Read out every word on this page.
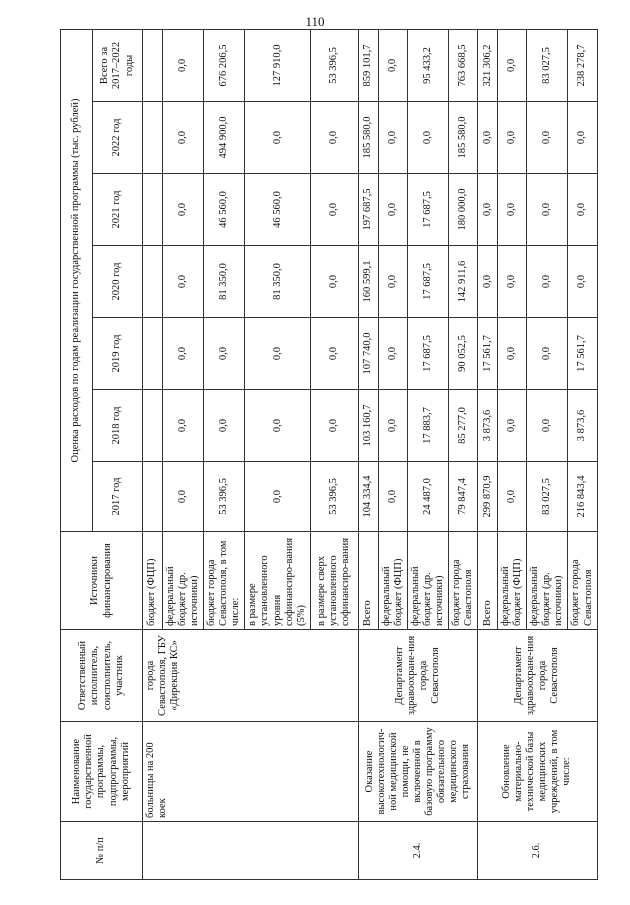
110
№ п/п	Наименование государственной программы, подпрограммы, мероприятий	Ответственный исполнитель, соисполнитель, участник	Источники финансирования	Оценка расходов по годам реализации государственной программы (тыс. рублей)						
				2017 год	2018 год	2019 год	2020 год	2021 год	2022 год	Всего за 2017–2022 годы
	больницы на 200 коек	города Севастополя, ГБУ «Дирекция КС»	бюджет (ФЦП)							
			федеральный бюджет (др. источники)	0,0	0,0	0,0	0,0	0,0	0,0	0,0
			бюджет города Севастополя, в том числе:	53 396,5	0,0	0,0	81 350,0	46 560,0	494 900,0	676 206,5
			в размере установленного уровня софинансиро-вания (5%)	0,0	0,0	0,0	81 350,0	46 560,0	0,0	127 910,0
			в размере сверх установленного софинансиро-вания	53 396,5	0,0	0,0	0,0	0,0	0,0	53 396,5
2.4.	Оказание высокотехнологич-ной медицинской помощи, не включенной в базовую программу обязательного медицинского страхования	Департамент здравоохране-ния города Севастополя	Всего	104 334,4	103 160,7	107 740,0	160 599,1	197 687,5	185 580,0	859 101,7
			федеральный бюджет (ФЦП)	0,0	0,0	0,0	0,0	0,0	0,0	0,0
			федеральный бюджет (др. источники)	24 487,0	17 883,7	17 687,5	17 687,5	17 687,5	0,0	95 433,2
			бюджет города Севастополя	79 847,4	85 277,0	90 052,5	142 911,6	180 000,0	185 580,0	763 668,5
2.6.	Обновление материально-технической базы медицинских учреждений, в том числе:	Департамент здравоохране-ния города Севастополя	Всего	299 870,9	3 873,6	17 561,7	0,0	0,0	0,0	321 306,2
			федеральный бюджет (ФЦП)	0,0	0,0	0,0	0,0	0,0	0,0	0,0
			федеральный бюджет (др. источники)	83 027,5	0,0	0,0	0,0	0,0	0,0	83 027,5
			бюджет города Севастополя	216 843,4	3 873,6	17 561,7	0,0	0,0	0,0	238 278,7
